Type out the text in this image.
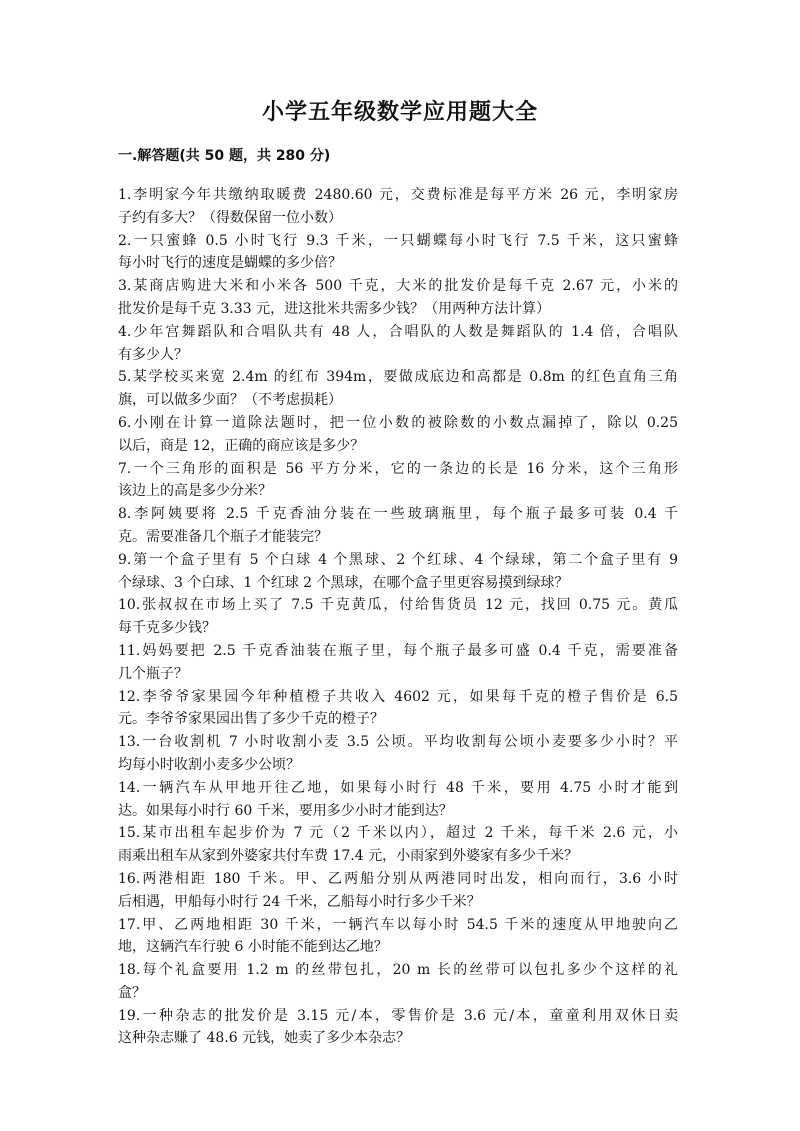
小学五年级数学应用题大全
一.解答题(共 50 题，共 280 分)
1.李明家今年共缴纳取暖费 2480.60 元，交费标准是每平方米 26 元，李明家房
子约有多大？（得数保留一位小数）
2.一只蜜蜂 0.5 小时飞行 9.3 千米，一只蝴蝶每小时飞行 7.5 千米，这只蜜蜂
每小时飞行的速度是蝴蝶的多少倍？
3.某商店购进大米和小米各 500 千克，大米的批发价是每千克 2.67 元，小米的
批发价是每千克 3.33 元，进这批米共需多少钱？（用两种方法计算）
4.少年宫舞蹈队和合唱队共有 48 人，合唱队的人数是舞蹈队的 1.4 倍，合唱队
有多少人？
5.某学校买来宽 2.4m 的红布 394m，要做成底边和高都是 0.8m 的红色直角三角
旗，可以做多少面？（不考虑损耗）
6.小刚在计算一道除法题时，把一位小数的被除数的小数点漏掉了，除以 0.25
以后，商是 12，正确的商应该是多少？
7.一个三角形的面积是 56 平方分米，它的一条边的长是 16 分米，这个三角形
该边上的高是多少分米？
8.李阿姨要将 2.5 千克香油分装在一些玻璃瓶里，每个瓶子最多可装 0.4 千
克。需要准备几个瓶子才能装完？
9.第一个盒子里有 5 个白球 4 个黑球、2 个红球、4 个绿球，第二个盒子里有 9
个绿球、3 个白球、1 个红球 2 个黑球，在哪个盒子里更容易摸到绿球？
10.张叔叔在市场上买了 7.5 千克黄瓜，付给售货员 12 元，找回 0.75 元。黄瓜
每千克多少钱？
11.妈妈要把 2.5 千克香油装在瓶子里，每个瓶子最多可盛 0.4 千克，需要准备
几个瓶子？
12.李爷爷家果园今年种植橙子共收入 4602 元，如果每千克的橙子售价是 6.5
元。李爷爷家果园出售了多少千克的橙子？
13.一台收割机 7 小时收割小麦 3.5 公顷。平均收割每公顷小麦要多少小时？平
均每小时收割小麦多少公顷？
14.一辆汽车从甲地开往乙地，如果每小时行 48 千米，要用 4.75 小时才能到
达。如果每小时行 60 千米，要用多少小时才能到达？
15.某市出租车起步价为 7 元（2 千米以内），超过 2 千米，每千米 2.6 元，小
雨乘出租车从家到外婆家共付车费 17.4 元，小雨家到外婆家有多少千米？
16.两港相距 180 千米。甲、乙两船分别从两港同时出发，相向而行，3.6 小时
后相遇，甲船每小时行 24 千米，乙船每小时行多少千米？
17.甲、乙两地相距 30 千米，一辆汽车以每小时 54.5 千米的速度从甲地驶向乙
地，这辆汽车行驶 6 小时能不能到达乙地？
18.每个礼盒要用 1.2 m 的丝带包扎，20 m 长的丝带可以包扎多少个这样的礼
盒？
19.一种杂志的批发价是 3.15 元/本，零售价是 3.6 元/本，童童利用双休日卖
这种杂志赚了 48.6 元钱，她卖了多少本杂志？
